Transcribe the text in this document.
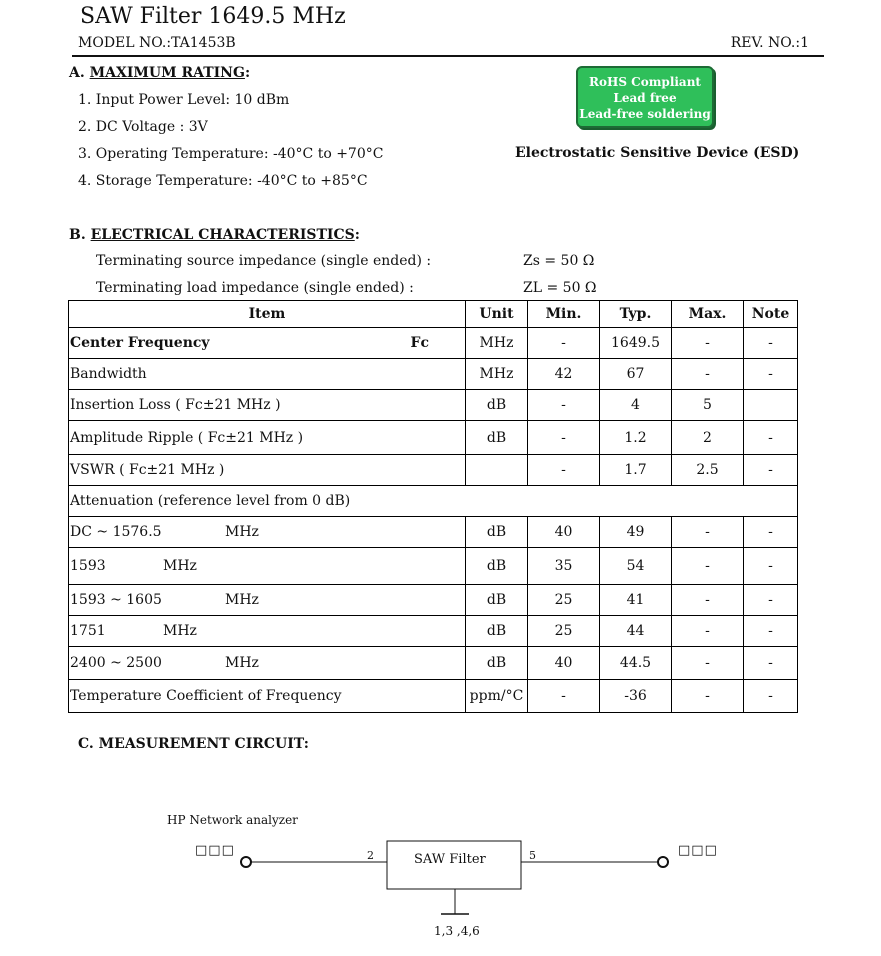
SAW Filter 1649.5 MHz
MODEL NO.:TA1453B	REV. NO.:1
A. MAXIMUM RATING:
1. Input Power Level: 10 dBm
2. DC Voltage : 3V
3. Operating Temperature: -40°C to +70°C
4. Storage Temperature: -40°C to +85°C
RoHS Compliant
Lead free
Lead-free soldering
Electrostatic Sensitive Device (ESD)
B. ELECTRICAL CHARACTERISTICS:
Terminating source impedance (single ended) :	Zs = 50 Ω
Terminating load impedance (single ended) :	ZL = 50 Ω
Item	Unit	Min.	Typ.	Max.	Note
Center Frequency Fc	MHz	-	1649.5	-	-
Bandwidth	MHz	42	67	-	-
Insertion Loss ( Fc±21 MHz )	dB	-	4	5	
Amplitude Ripple ( Fc±21 MHz )	dB	-	1.2	2	-
VSWR ( Fc±21 MHz )		-	1.7	2.5	-
Attenuation (reference level from 0 dB)					
DC ~ 1576.5 MHz	dB	40	49	-	-
1593 MHz	dB	35	54	-	-
1593 ~ 1605 MHz	dB	25	41	-	-
1751 MHz	dB	25	44	-	-
2400 ~ 2500 MHz	dB	40	44.5	-	-
Temperature Coefficient of Frequency	ppm/°C	-	-36	-	-
C. MEASUREMENT CIRCUIT:
HP Network analyzer
□□□	□□□
SAW Filter
2	5
1,3 ,4,6
